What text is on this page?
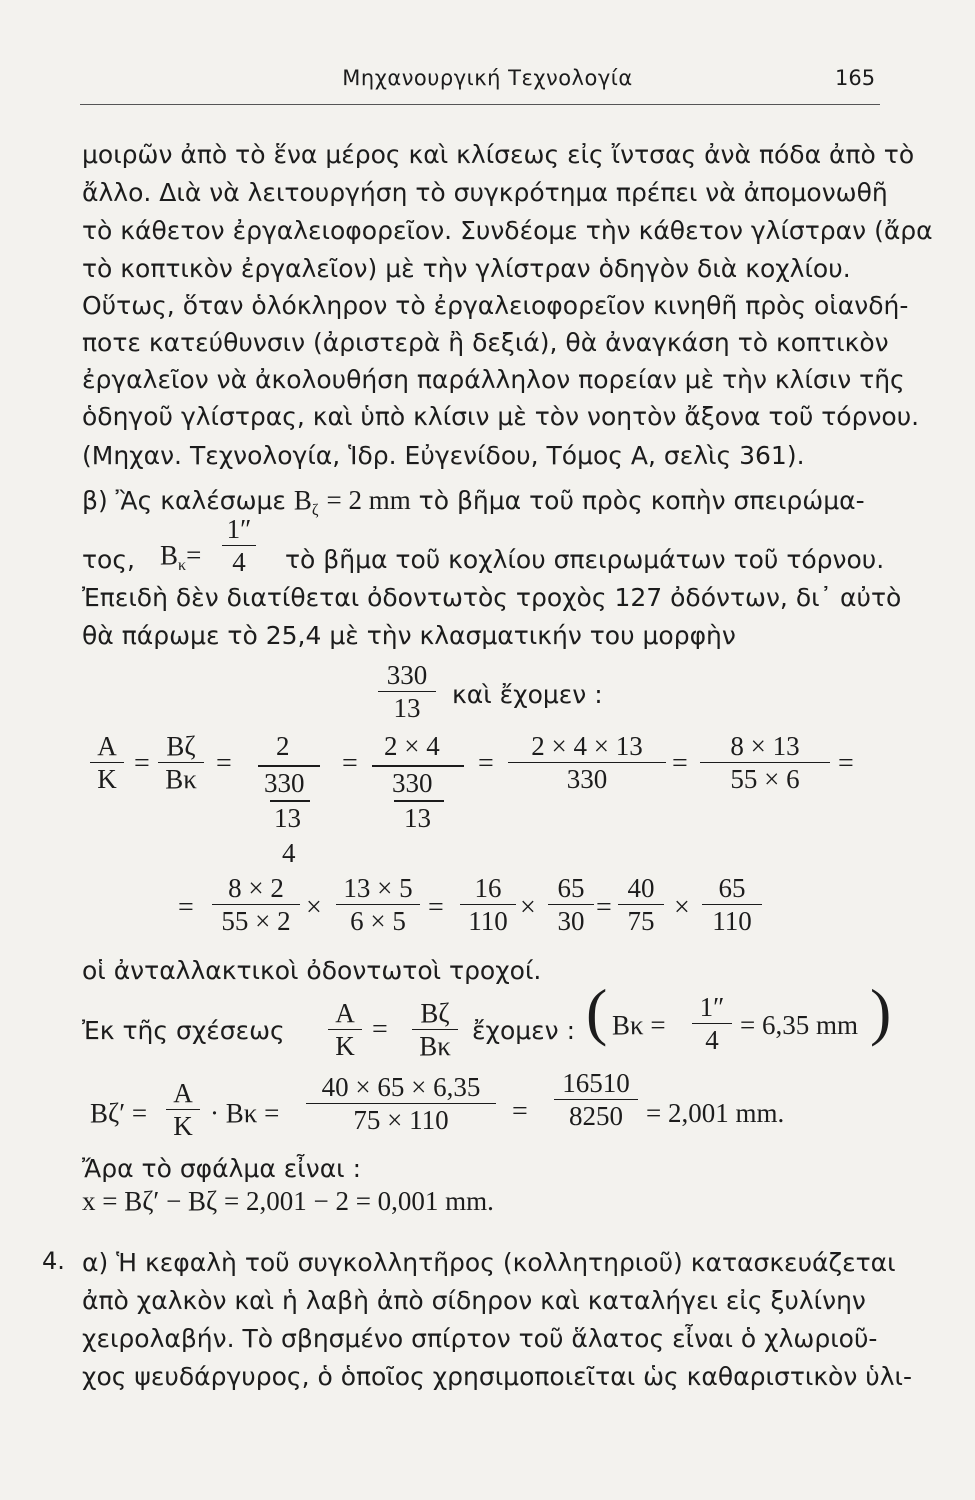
Μηχανουργική Τεχνολογία	165
μοιρῶν ἀπὸ τὸ ἕνα μέρος καὶ κλίσεως εἰς ἴντσας ἀνὰ πόδα ἀπὸ τὸ
ἄλλο. Διὰ νὰ λειτουργήση τὸ συγκρότημα πρέπει νὰ ἀπομονωθῆ
τὸ κάθετον ἐργαλειοφορεῖον. Συνδέομε τὴν κάθετον γλίστραν (ἄρα
τὸ κοπτικὸν ἐργαλεῖον) μὲ τὴν γλίστραν ὁδηγὸν διὰ κοχλίου.
Οὕτως, ὅταν ὁλόκληρον τὸ ἐργαλειοφορεῖον κινηθῆ πρὸς οἱανδή-
ποτε κατεύθυνσιν (ἀριστερὰ ἢ δεξιά), θὰ ἀναγκάση τὸ κοπτικὸν
ἐργαλεῖον νὰ ἀκολουθήση παράλληλον πορείαν μὲ τὴν κλίσιν τῆς
ὁδηγοῦ γλίστρας, καὶ ὑπὸ κλίσιν μὲ τὸν νοητὸν ἄξονα τοῦ τόρνου.
(Μηχαν. Τεχνολογία, Ἱδρ. Εὐγενίδου, Τόμος Α, σελὶς 361).
β) Ἂς καλέσωμε $B_\zeta = 2$ mm τὸ βῆμα τοῦ πρὸς κοπὴν σπειρώμα-
τος, $B_\kappa= \frac{1''}{4}$ τὸ βῆμα τοῦ κοχλίου σπειρωμάτων τοῦ τόρνου.
Ἐπειδὴ δὲν διατίθεται ὀδοντωτὸς τροχὸς 127 ὀδόντων, δι᾿ αὐτὸ
θὰ πάρωμε τὸ 25,4 μὲ τὴν κλασματικήν του μορφὴν
$\frac{330}{13}$ καὶ ἔχομεν :
$\frac{A}{K} = \frac{B\zeta}{B\kappa}$ =
2
330
13
4
=
2 × 4
330
13
= $\frac{2 \times 4 \times 13}{330} = \frac{8 \times 13}{55 \times 6}$ =
= $\frac{8 \times 2}{55 \times 2} \times \frac{13 \times 5}{6 \times 5} = \frac{16}{110} \times \frac{65}{30} = \frac{40}{75} \times \frac{65}{110}$
οἱ ἀνταλλακτικοὶ ὀδοντωτοὶ τροχοί.
Ἐκ τῆς σχέσεως $\frac{A}{K} = \frac{B\zeta}{B\kappa}$ ἔχομεν : ( $B\kappa = \frac{1''}{4} = 6,35$ mm )
$B\zeta' = \frac{A}{K} \cdot B\kappa = \frac{40 \times 65 \times 6,35}{75 \times 110} = \frac{16510}{8250} = 2,001$ mm.
Ἄρα τὸ σφάλμα εἶναι :
x = Βζ′ − Βζ = 2,001 − 2 = 0,001 mm.
4. α) Ἡ κεφαλὴ τοῦ συγκολλητῆρος (κολλητηριοῦ) κατασκευάζεται
ἀπὸ χαλκὸν καὶ ἡ λαβὴ ἀπὸ σίδηρον καὶ καταλήγει εἰς ξυλίνην
χειρολαβήν. Τὸ σβησμένο σπίρτον τοῦ ἅλατος εἶναι ὁ χλωριοῦ-
χος ψευδάργυρος, ὁ ὁποῖος χρησιμοποιεῖται ὡς καθαριστικὸν ὑλι-
